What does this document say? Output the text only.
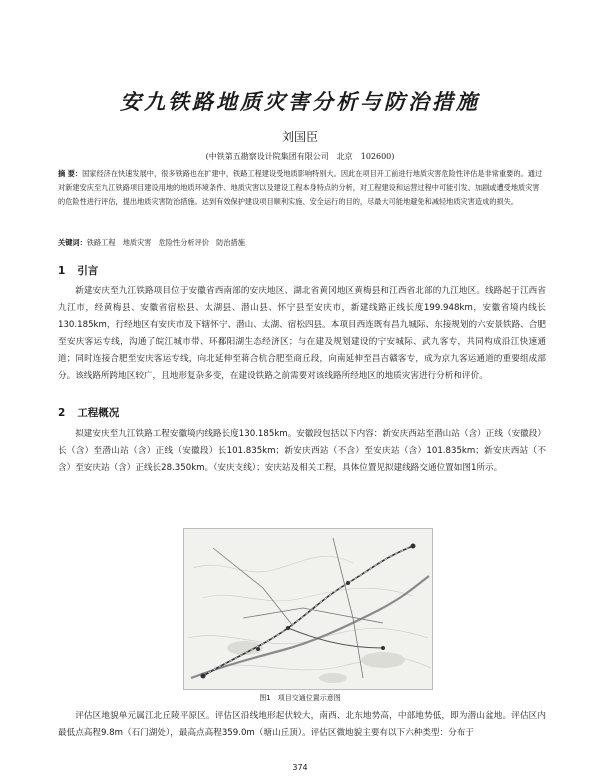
安九铁路地质灾害分析与防治措施
刘国臣
(中铁第五勘察设计院集团有限公司　北京　102600)
摘 要：国家经济在快速发展中，很多铁路也在扩建中，铁路工程建设受地质影响特别大。因此在项目开工前进行地质灾害危险性评估是非常重要的。通过对新建安庆至九江铁路项目建设用地的地质环境条件、地质灾害以及建设工程本身特点的分析，对工程建设和运营过程中可能引发、加剧或遭受地质灾害的危险性进行评估，提出地质灾害防治措施。达到有效保护建设项目顺利实施、安全运行的目的，尽最大可能地避免和减轻地质灾害造成的损失。
关键词：铁路工程　地质灾害　危险性分析评价　防治措施
1 引言
新建安庆至九江铁路项目位于安徽省西南部的安庆地区、湖北省黄冈地区黄梅县和江西省北部的九江地区。线路起于江西省九江市，经黄梅县、安徽省宿松县、太湖县、潜山县、怀宁县至安庆市，新建线路正线长度199.948km，安徽省境内线长130.185km，行经地区有安庆市及下辖怀宁、潜山、太湖、宿松四县。本项目西连既有昌九城际、东接规划的六安景铁路、合肥至安庆客运专线，沟通了皖江城市带、环鄱阳湖生态经济区；与在建及规划建设的宁安城际、武九客专，共同构成沿江快速通道；同时连接合肥至安庆客运专线，向北延伸至蒋合杭合肥至商丘段，向南延伸至昌吉赣客专，成为京九客运通道的重要组成部分。该线路所跨地区较广，且地形复杂多变，在建设铁路之前需要对该线路所经地区的地质灾害进行分析和评价。
2 工程概况
拟建安庆至九江铁路工程安徽境内线路长度130.185km。安徽段包括以下内容：新安庆西站至潜山站（含）正线（安徽段）长（含）至潜山站（含）正线（安徽段）长101.835km；新安庆西站（不含）至安庆站（含）101.835km；新安庆西站（不含）至安庆站（含）正线长28.350km。（安庆支线）；安庆站及相关工程，具体位置见拟建线路交通位置如图1所示。
图1　项目交通位置示意图
评估区地貌单元属江北丘陵平原区。评估区沿线地形起伏较大，南西、北东地势高，中部地势低，即为潜山盆地。评估区内最低点高程9.8m（石门湖处），最高点高程359.0m（塘山丘顶）。评估区微地貌主要有以下六种类型：分布于
374
